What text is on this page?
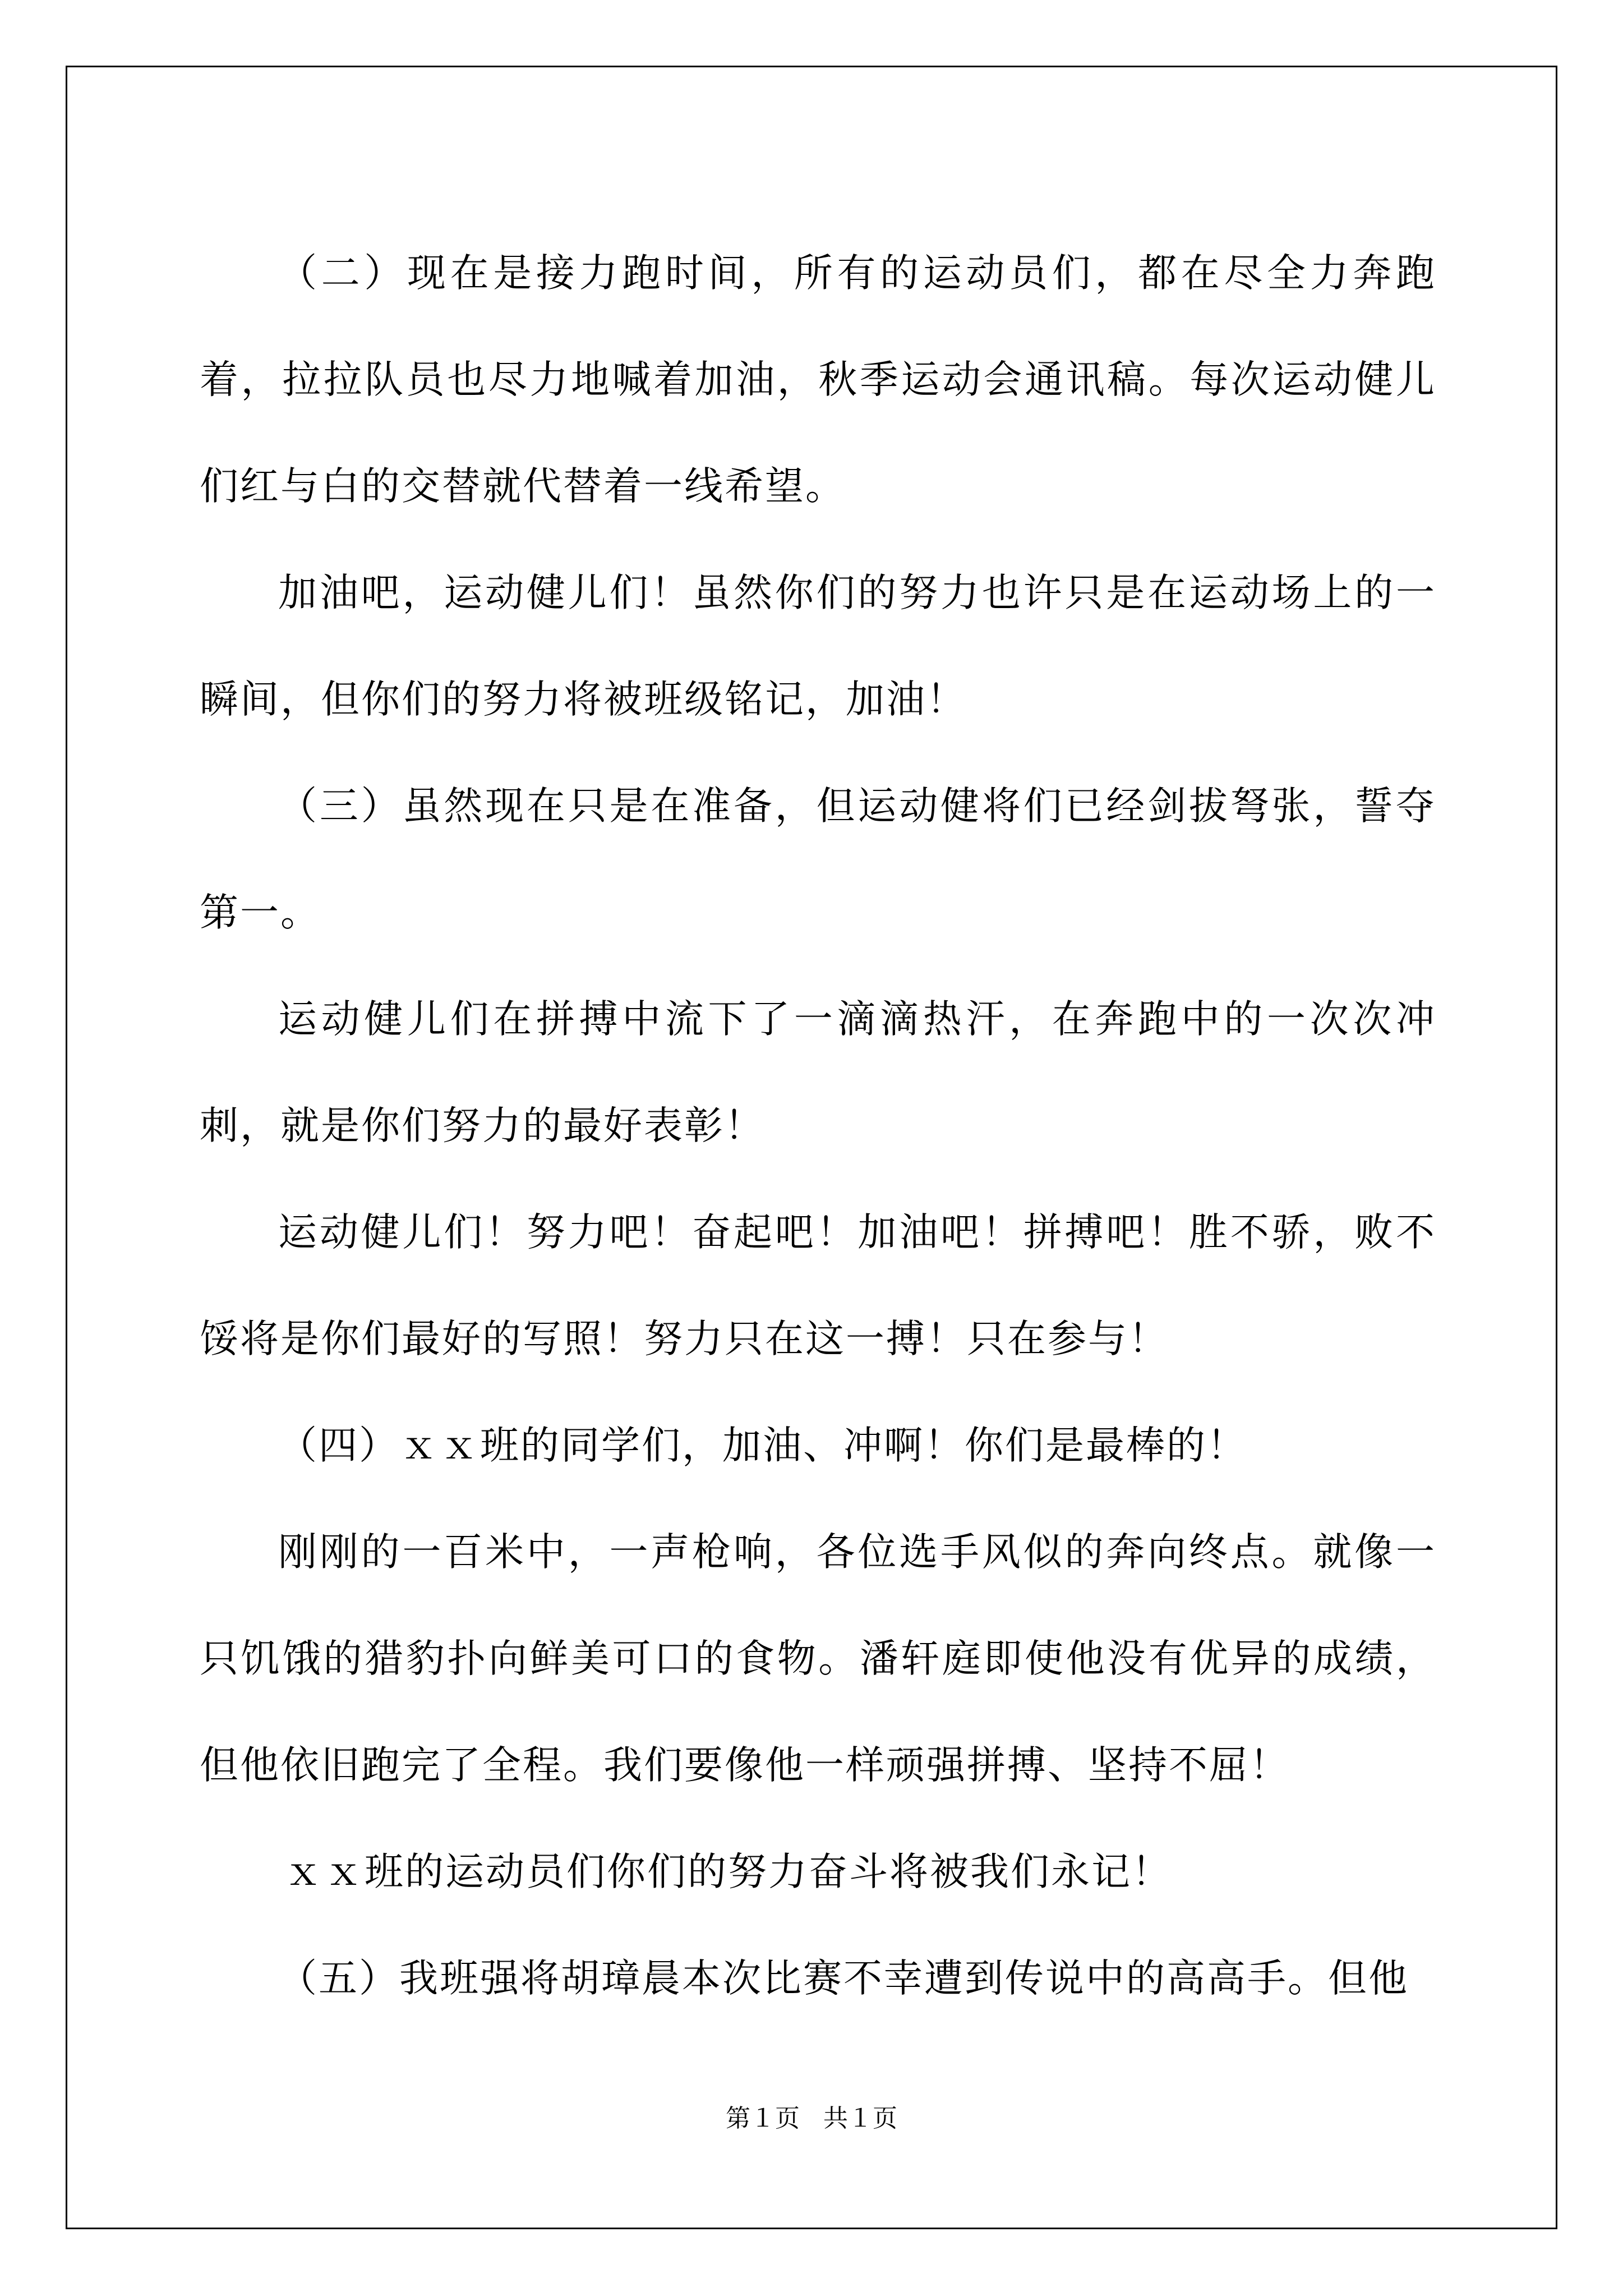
（二）现在是接力跑时间，所有的运动员们，都在尽全力奔跑着，拉拉队员也尽力地喊着加油，秋季运动会通讯稿。每次运动健儿们红与白的交替就代替着一线希望。

加油吧，运动健儿们！虽然你们的努力也许只是在运动场上的一瞬间，但你们的努力将被班级铭记，加油！

（三）虽然现在只是在准备，但运动健将们已经剑拔弩张，誓夺第一。

运动健儿们在拼搏中流下了一滴滴热汗，在奔跑中的一次次冲刺，就是你们努力的最好表彰！

运动健儿们！努力吧！奋起吧！加油吧！拼搏吧！胜不骄，败不馁将是你们最好的写照！努力只在这一搏！只在参与！

（四）ｘｘ班的同学们，加油、冲啊！你们是最棒的！

刚刚的一百米中，一声枪响，各位选手风似的奔向终点。就像一只饥饿的猎豹扑向鲜美可口的食物。潘轩庭即使他没有优异的成绩，但他依旧跑完了全程。我们要像他一样顽强拼搏、坚持不屈！

ｘｘ班的运动员们你们的努力奋斗将被我们永记！

（五）我班强将胡璋晨本次比赛不幸遭到传说中的高高手。但他

第１页 共１页
